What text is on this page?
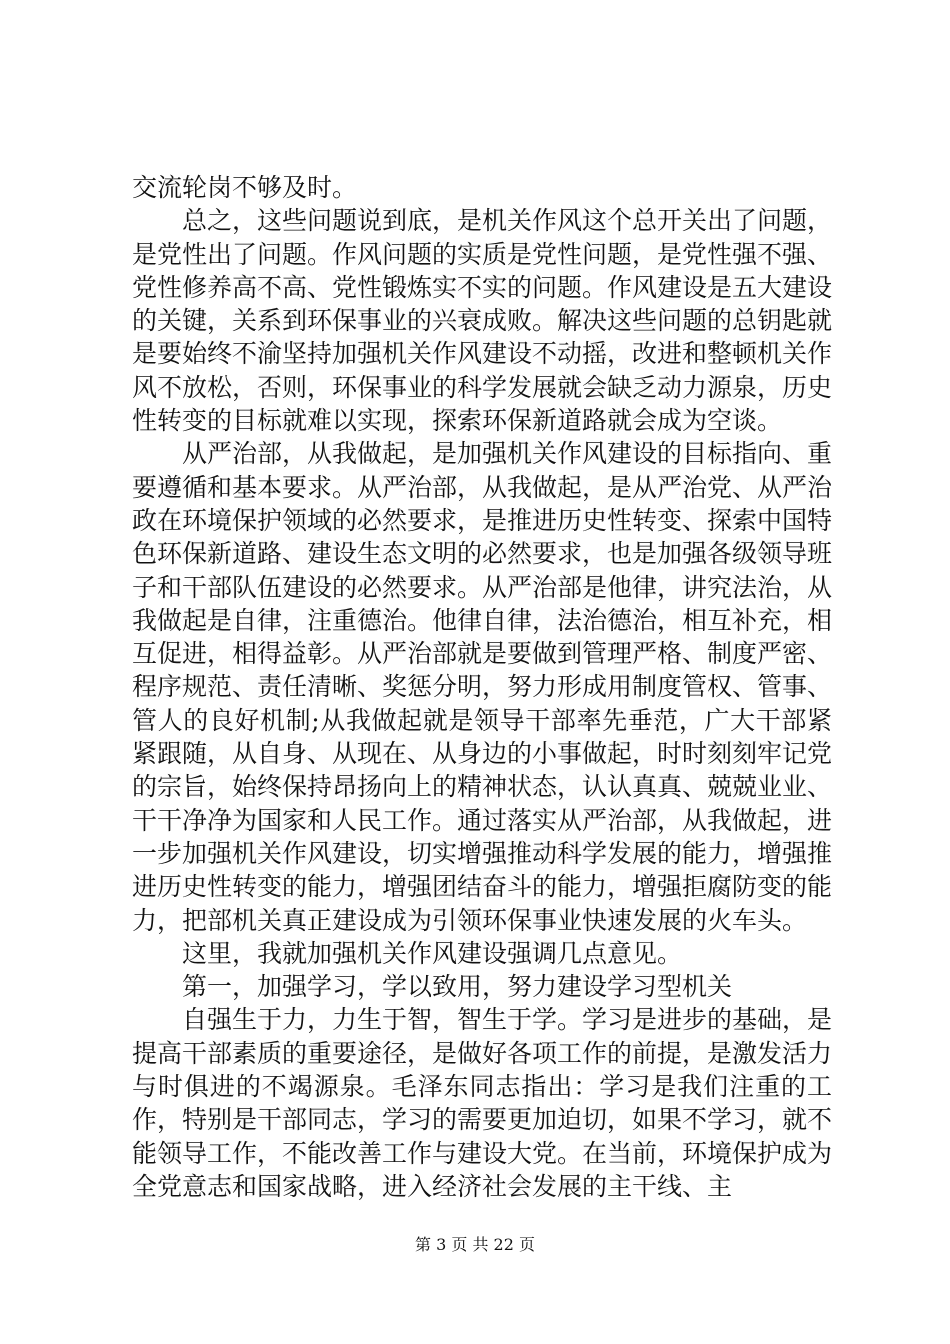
交流轮岗不够及时。

总之，这些问题说到底，是机关作风这个总开关出了问题，是党性出了问题。作风问题的实质是党性问题，是党性强不强、党性修养高不高、党性锻炼实不实的问题。作风建设是五大建设的关键，关系到环保事业的兴衰成败。解决这些问题的总钥匙就是要始终不渝坚持加强机关作风建设不动摇，改进和整顿机关作风不放松，否则，环保事业的科学发展就会缺乏动力源泉，历史性转变的目标就难以实现，探索环保新道路就会成为空谈。

从严治部，从我做起，是加强机关作风建设的目标指向、重要遵循和基本要求。从严治部，从我做起，是从严治党、从严治政在环境保护领域的必然要求，是推进历史性转变、探索中国特色环保新道路、建设生态文明的必然要求，也是加强各级领导班子和干部队伍建设的必然要求。从严治部是他律，讲究法治，从我做起是自律，注重德治。他律自律，法治德治，相互补充，相互促进，相得益彰。从严治部就是要做到管理严格、制度严密、程序规范、责任清晰、奖惩分明，努力形成用制度管权、管事、管人的良好机制;从我做起就是领导干部率先垂范，广大干部紧紧跟随，从自身、从现在、从身边的小事做起，时时刻刻牢记党的宗旨，始终保持昂扬向上的精神状态，认认真真、兢兢业业、干干净净为国家和人民工作。通过落实从严治部，从我做起，进一步加强机关作风建设，切实增强推动科学发展的能力，增强推进历史性转变的能力，增强团结奋斗的能力，增强拒腐防变的能力，把部机关真正建设成为引领环保事业快速发展的火车头。

这里，我就加强机关作风建设强调几点意见。

第一，加强学习，学以致用，努力建设学习型机关

自强生于力，力生于智，智生于学。学习是进步的基础，是提高干部素质的重要途径，是做好各项工作的前提，是激发活力与时俱进的不竭源泉。毛泽东同志指出：学习是我们注重的工作，特别是干部同志，学习的需要更加迫切，如果不学习，就不能领导工作，不能改善工作与建设大党。在当前，环境保护成为全党意志和国家战略，进入经济社会发展的主干线、主

第 3 页 共 22 页
